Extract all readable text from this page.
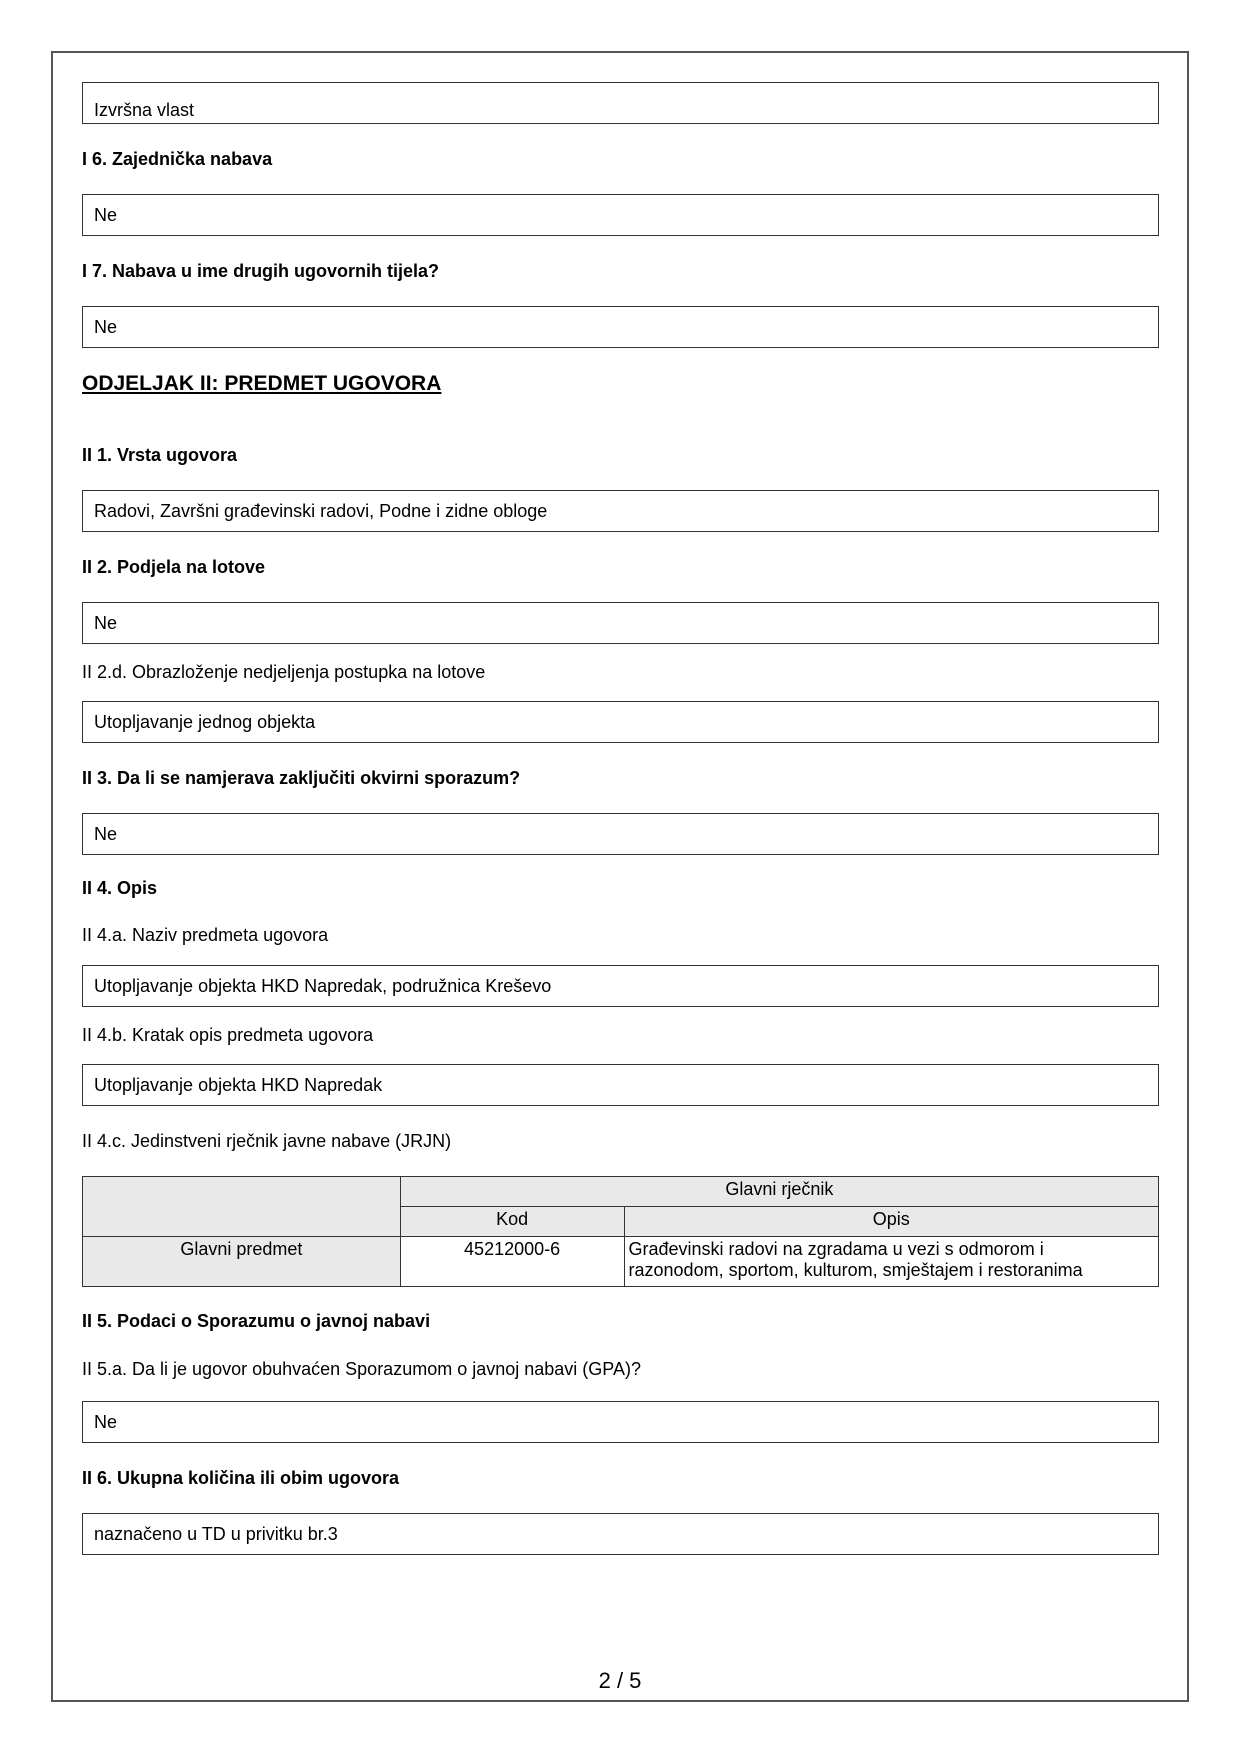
Izvršna vlast
I 6. Zajednička nabava
Ne
I 7. Nabava u ime drugih ugovornih tijela?
Ne
ODJELJAK II: PREDMET UGOVORA
II 1. Vrsta ugovora
Radovi, Završni građevinski radovi, Podne i zidne obloge
II 2. Podjela na lotove
Ne
II 2.d. Obrazloženje nedjeljenja postupka na lotove
Utopljavanje jednog objekta
II 3. Da li se namjerava zaključiti okvirni sporazum?
Ne
II 4. Opis
II 4.a. Naziv predmeta ugovora
Utopljavanje objekta HKD Napredak, podružnica Kreševo
II 4.b. Kratak opis predmeta ugovora
Utopljavanje objekta HKD Napredak
II 4.c. Jedinstveni rječnik javne nabave (JRJN)
	Glavni rječnik	
	Kod	Opis
Glavni predmet	45212000-6	Građevinski radovi na zgradama u vezi s odmorom i
razonodom, sportom, kulturom, smještajem i restoranima
II 5. Podaci o Sporazumu o javnoj nabavi
II 5.a. Da li je ugovor obuhvaćen Sporazumom o javnoj nabavi (GPA)?
Ne
II 6. Ukupna količina ili obim ugovora
naznačeno u TD u privitku br.3
2 / 5
